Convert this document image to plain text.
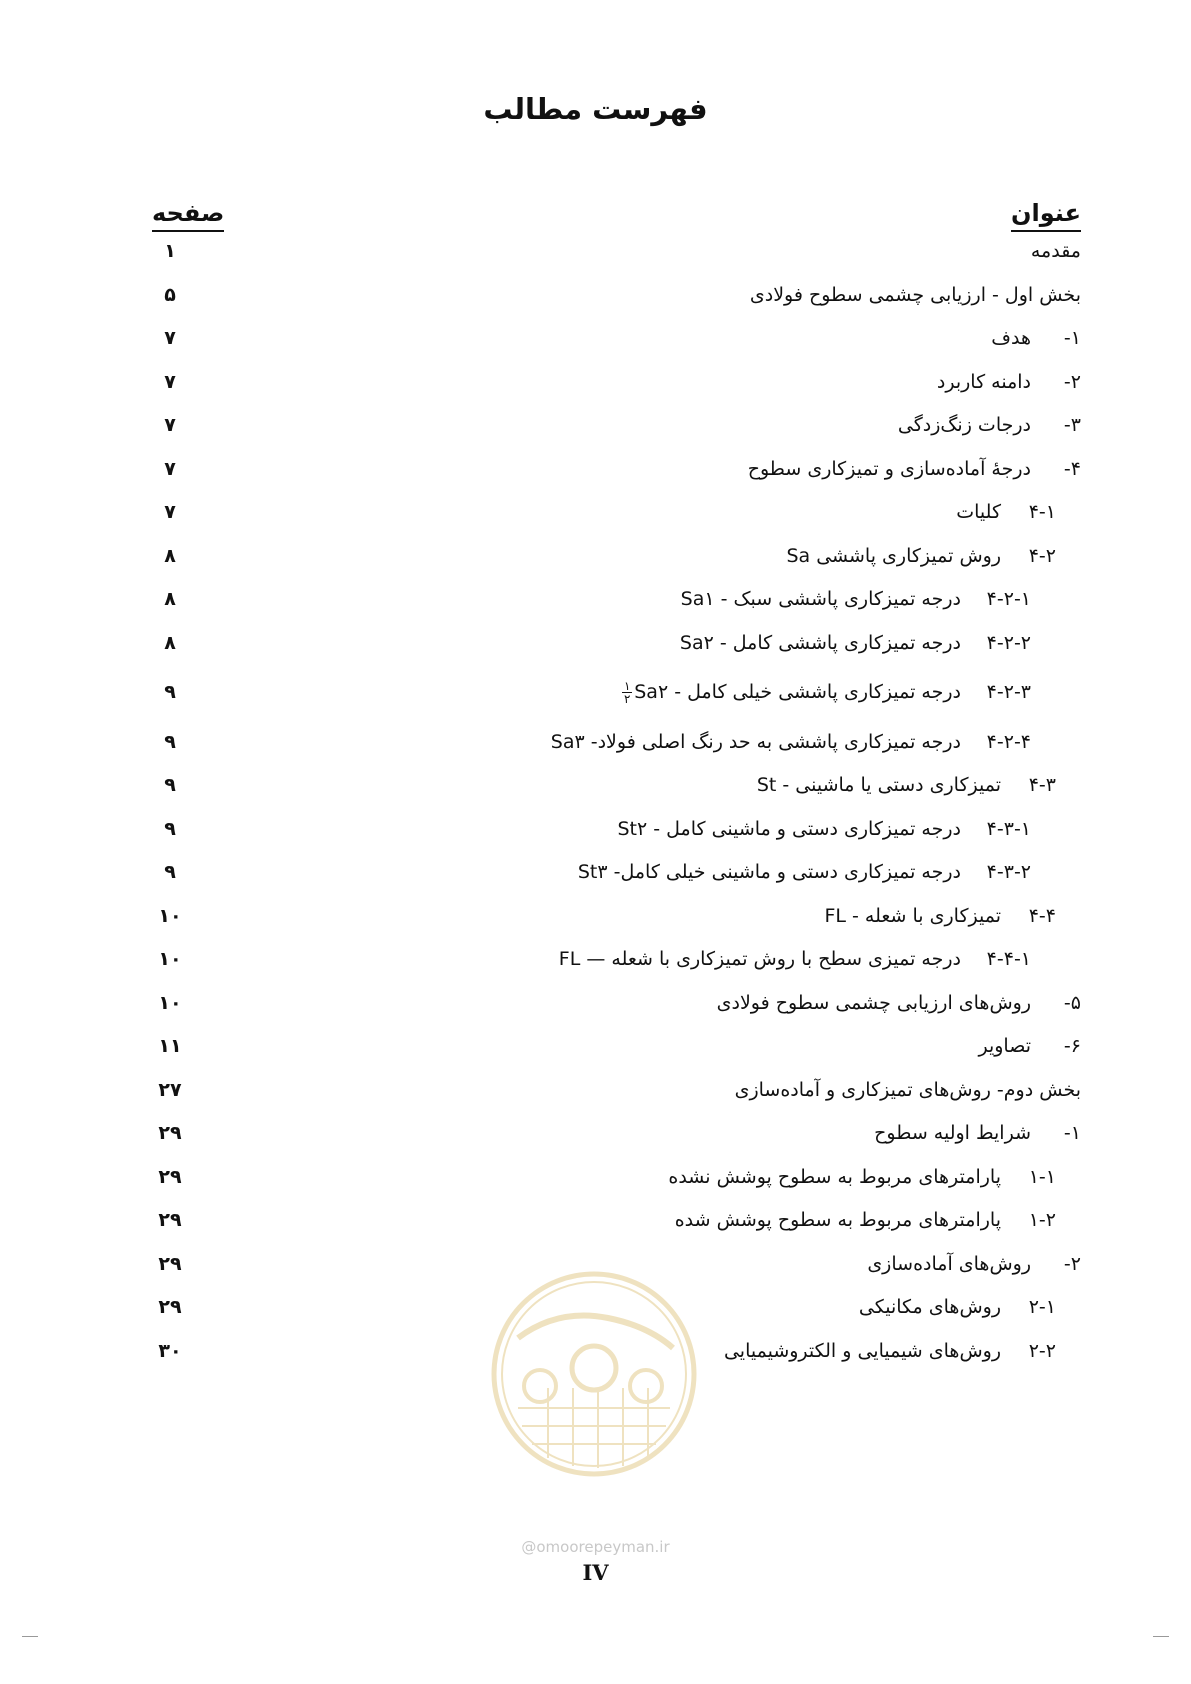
فهرست مطالب
عنوان
صفحه
مقدمه
۱
بخش اول - ارزیابی چشمی سطوح فولادی
۵
۱-
هدف
۷
۲-
دامنه کاربرد
۷
۳-
درجات زنگ‌زدگی
۷
۴-
درجهٔ آماده‌سازی و تمیزکاری سطوح
۷
۴-۱
کلیات
۷
۴-۲
روش تمیزکاری پاششی Sa
۸
۴-۲-۱
درجه تمیزکاری پاششی سبک - Sa۱
۸
۴-۲-۲
درجه تمیزکاری پاششی کامل - Sa۲
۸
۴-۲-۳
درجه تمیزکاری پاششی خیلی کامل - Sa۲
$\frac{۱}{۲}$
۹
۴-۲-۴
درجه تمیزکاری پاششی به حد رنگ اصلی فولاد- Sa۳
۹
۴-۳
تمیزکاری دستی یا ماشینی - St
۹
۴-۳-۱
درجه تمیزکاری دستی و ماشینی کامل - St۲
۹
۴-۳-۲
درجه تمیزکاری دستی و ماشینی خیلی کامل- St۳
۹
۴-۴
تمیزکاری با شعله - FL
۱۰
۴-۴-۱
درجه تمیزی سطح با روش تمیزکاری با شعله — FL
۱۰
۵-
روش‌های ارزیابی چشمی سطوح فولادی
۱۰
۶-
تصاویر
۱۱
بخش دوم- روش‌های تمیزکاری و آماده‌سازی
۲۷
۱-
شرایط اولیه سطوح
۲۹
۱-۱
پارامترهای مربوط به سطوح پوشش نشده
۲۹
۱-۲
پارامترهای مربوط به سطوح پوشش شده
۲۹
۲-
روش‌های آماده‌سازی
۲۹
۲-۱
روش‌های مکانیکی
۲۹
۲-۲
روش‌های شیمیایی و الکتروشیمیایی
۳۰
@omoorepeyman.ir
IV
